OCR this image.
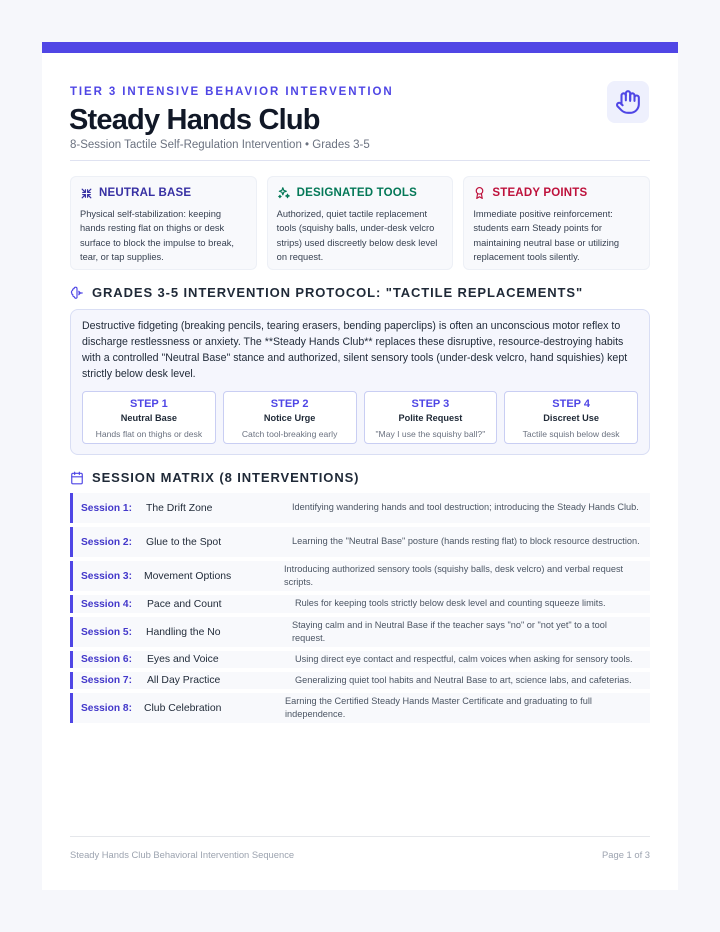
TIER 3 INTENSIVE BEHAVIOR INTERVENTION
Steady Hands Club
8-Session Tactile Self-Regulation Intervention • Grades 3-5
NEUTRAL BASE
Physical self-stabilization: keeping hands resting flat on thighs or desk surface to block the impulse to break, tear, or tap supplies.
DESIGNATED TOOLS
Authorized, quiet tactile replacement tools (squishy balls, under-desk velcro strips) used discreetly below desk level on request.
STEADY POINTS
Immediate positive reinforcement: students earn Steady points for maintaining neutral base or utilizing replacement tools silently.
GRADES 3-5 INTERVENTION PROTOCOL: "TACTILE REPLACEMENTS"
Destructive fidgeting (breaking pencils, tearing erasers, bending paperclips) is often an unconscious motor reflex to discharge restlessness or anxiety. The **Steady Hands Club** replaces these disruptive, resource-destroying habits with a controlled "Neutral Base" stance and authorized, silent sensory tools (under-desk velcro, hand squishies) kept strictly below desk level.
STEP 1
Neutral Base
Hands flat on thighs or desk
STEP 2
Notice Urge
Catch tool-breaking early
STEP 3
Polite Request
"May I use the squishy ball?"
STEP 4
Discreet Use
Tactile squish below desk
SESSION MATRIX (8 INTERVENTIONS)
Session 1: The Drift Zone	Identifying wandering hands and tool destruction; introducing the Steady Hands Club.
Session 2: Glue to the Spot	Learning the "Neutral Base" posture (hands resting flat) to block resource destruction.
Session 3: Movement Options
Introducing authorized sensory tools (squishy balls, desk velcro) and verbal request scripts.
Session 4: Pace and Count	Rules for keeping tools strictly below desk level and counting squeeze limits.
Session 5: Handling the No
Staying calm and in Neutral Base if the teacher says "no" or "not yet" to a tool request.
Session 6: Eyes and Voice	Using direct eye contact and respectful, calm voices when asking for sensory tools.
Session 7: All Day Practice	Generalizing quiet tool habits and Neutral Base to art, science labs, and cafeterias.
Session 8: Club Celebration
Earning the Certified Steady Hands Master Certificate and graduating to full independence.
Steady Hands Club Behavioral Intervention Sequence	Page 1 of 3
